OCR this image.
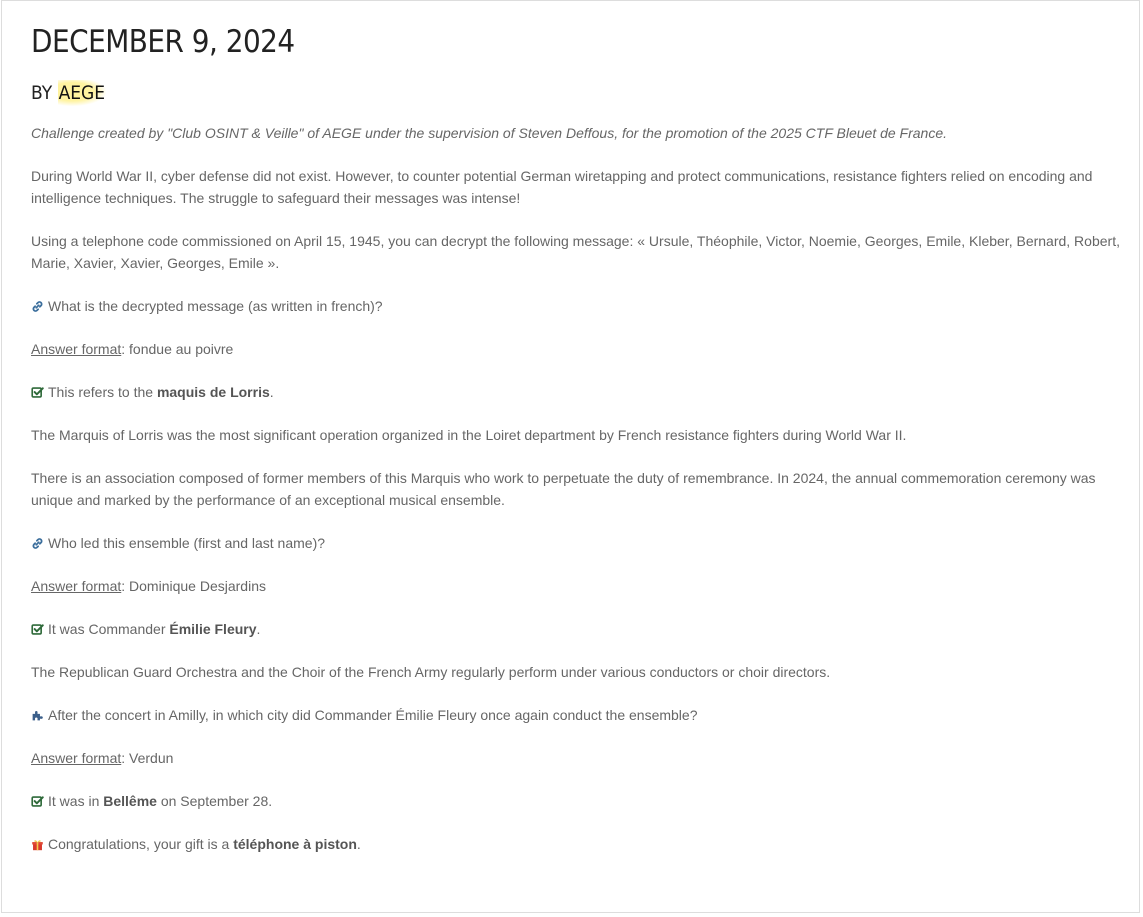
DECEMBER 9, 2024
BY AEGE

Challenge created by "Club OSINT & Veille" of AEGE under the supervision of Steven Deffous, for the promotion of the 2025 CTF Bleuet de France.

During World War II, cyber defense did not exist. However, to counter potential German wiretapping and protect communications, resistance fighters relied on encoding and intelligence techniques. The struggle to safeguard their messages was intense!

Using a telephone code commissioned on April 15, 1945, you can decrypt the following message: « Ursule, Théophile, Victor, Noemie, Georges, Emile, Kleber, Bernard, Robert, Marie, Xavier, Xavier, Georges, Emile ».

What is the decrypted message (as written in french)?

Answer format: fondue au poivre

This refers to the maquis de Lorris.

The Marquis of Lorris was the most significant operation organized in the Loiret department by French resistance fighters during World War II.

There is an association composed of former members of this Marquis who work to perpetuate the duty of remembrance. In 2024, the annual commemoration ceremony was unique and marked by the performance of an exceptional musical ensemble.

Who led this ensemble (first and last name)?

Answer format: Dominique Desjardins

It was Commander Émilie Fleury.

The Republican Guard Orchestra and the Choir of the French Army regularly perform under various conductors or choir directors.

After the concert in Amilly, in which city did Commander Émilie Fleury once again conduct the ensemble?

Answer format: Verdun

It was in Bellême on September 28.

Congratulations, your gift is a téléphone à piston.
